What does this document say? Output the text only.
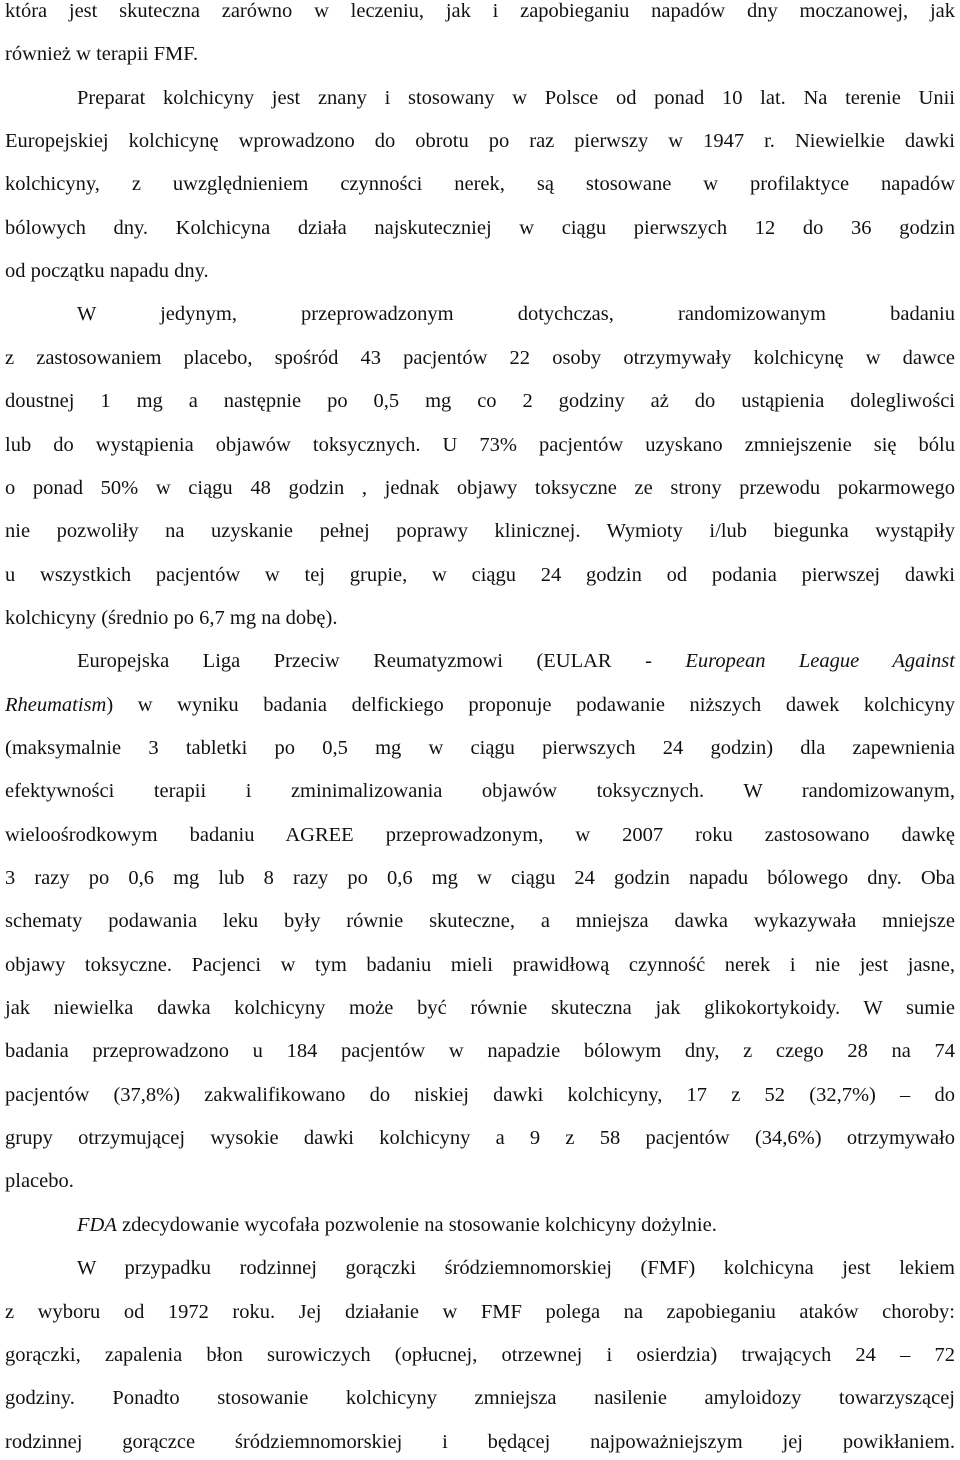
która jest skuteczna zarówno w leczeniu, jak i zapobieganiu napadów dny moczanowej, jak
również w terapii FMF.
Preparat kolchicyny jest znany i stosowany w Polsce od ponad 10 lat. Na terenie Unii
Europejskiej kolchicynę wprowadzono do obrotu po raz pierwszy w 1947 r. Niewielkie dawki
kolchicyny, z uwzględnieniem czynności nerek, są stosowane w profilaktyce napadów
bólowych dny. Kolchicyna działa najskuteczniej w ciągu pierwszych 12 do 36 godzin
od początku napadu dny.
W jedynym, przeprowadzonym dotychczas, randomizowanym badaniu
z zastosowaniem placebo, spośród 43 pacjentów 22 osoby otrzymywały kolchicynę w dawce
doustnej 1 mg a następnie po 0,5 mg co 2 godziny aż do ustąpienia dolegliwości
lub do wystąpienia objawów toksycznych. U 73% pacjentów uzyskano zmniejszenie się bólu
o ponad 50% w ciągu 48 godzin , jednak objawy toksyczne ze strony przewodu pokarmowego
nie pozwoliły na uzyskanie pełnej poprawy klinicznej. Wymioty i/lub biegunka wystąpiły
u wszystkich pacjentów w tej grupie, w ciągu 24 godzin od podania pierwszej dawki
kolchicyny (średnio po 6,7 mg na dobę).
Europejska Liga Przeciw Reumatyzmowi (EULAR - European League Against
Rheumatism) w wyniku badania delfickiego proponuje podawanie niższych dawek kolchicyny
(maksymalnie 3 tabletki po 0,5 mg w ciągu pierwszych 24 godzin) dla zapewnienia
efektywności terapii i zminimalizowania objawów toksycznych. W randomizowanym,
wieloośrodkowym badaniu AGREE przeprowadzonym, w 2007 roku zastosowano dawkę
3 razy po 0,6 mg lub 8 razy po 0,6 mg w ciągu 24 godzin napadu bólowego dny. Oba
schematy podawania leku były równie skuteczne, a mniejsza dawka wykazywała mniejsze
objawy toksyczne. Pacjenci w tym badaniu mieli prawidłową czynność nerek i nie jest jasne,
jak niewielka dawka kolchicyny może być równie skuteczna jak glikokortykoidy. W sumie
badania przeprowadzono u 184 pacjentów w napadzie bólowym dny, z czego 28 na 74
pacjentów (37,8%) zakwalifikowano do niskiej dawki kolchicyny, 17 z 52 (32,7%) – do
grupy otrzymującej wysokie dawki kolchicyny a 9 z 58 pacjentów (34,6%) otrzymywało
placebo.
FDA zdecydowanie wycofała pozwolenie na stosowanie kolchicyny dożylnie.
W przypadku rodzinnej gorączki śródziemnomorskiej (FMF) kolchicyna jest lekiem
z wyboru od 1972 roku. Jej działanie w FMF polega na zapobieganiu ataków choroby:
gorączki, zapalenia błon surowiczych (opłucnej, otrzewnej i osierdzia) trwających 24 – 72
godziny. Ponadto stosowanie kolchicyny zmniejsza nasilenie amyloidozy towarzyszącej
rodzinnej gorączce śródziemnomorskiej i będącej najpoważniejszym jej powikłaniem.
